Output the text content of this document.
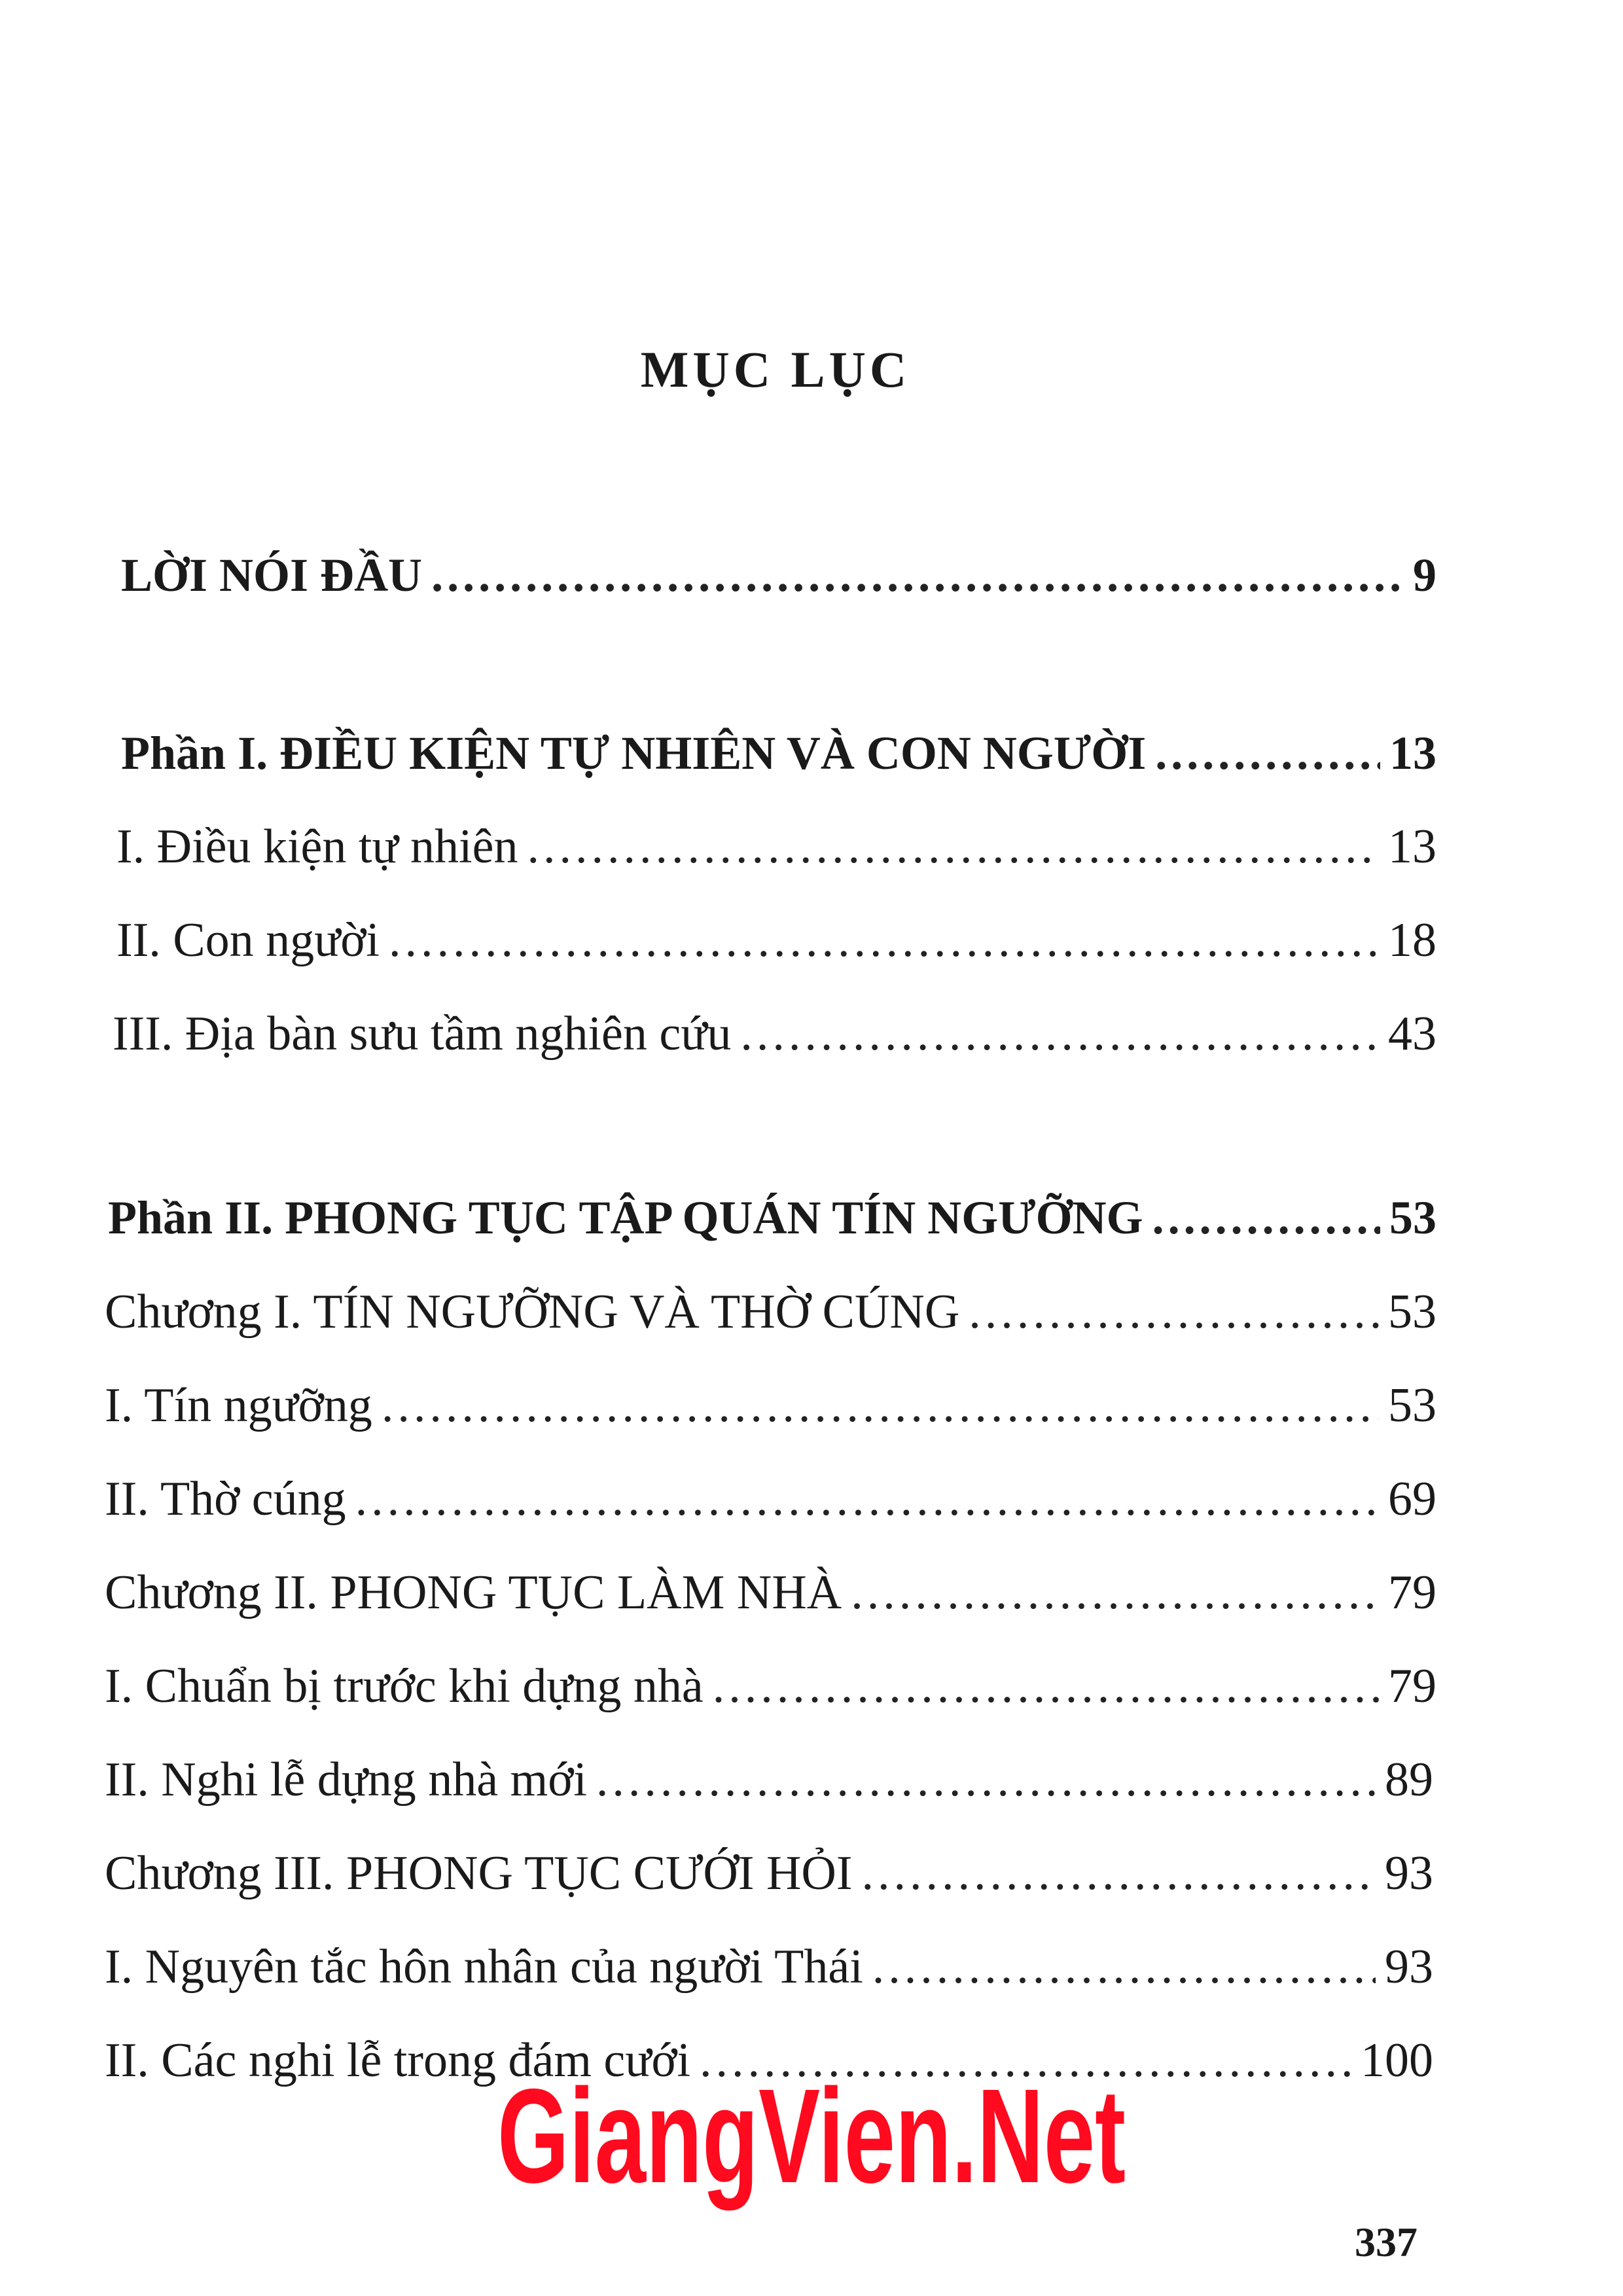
MỤC LỤC
LỜI NÓI ĐẦU .....	9
Phần I. ĐIỀU KIỆN TỰ NHIÊN VÀ CON NGƯỜI .....	13
I. Điều kiện tự nhiên .....	13
II. Con người .....	18
III. Địa bàn sưu tầm nghiên cứu .....	43
Phần II. PHONG TỤC TẬP QUÁN TÍN NGƯỠNG .....	53
Chương I. TÍN NGƯỠNG VÀ THỜ CÚNG .....	53
I. Tín ngưỡng .....	53
II. Thờ cúng .....	69
Chương II. PHONG TỤC LÀM NHÀ .....	79
I. Chuẩn bị trước khi dựng nhà .....	79
II. Nghi lễ dựng nhà mới .....	89
Chương III. PHONG TỤC CƯỚI HỎI .....	93
I. Nguyên tắc hôn nhân của người Thái .....	93
II. Các nghi lễ trong đám cưới .....	100
GiangVien.Net
337
